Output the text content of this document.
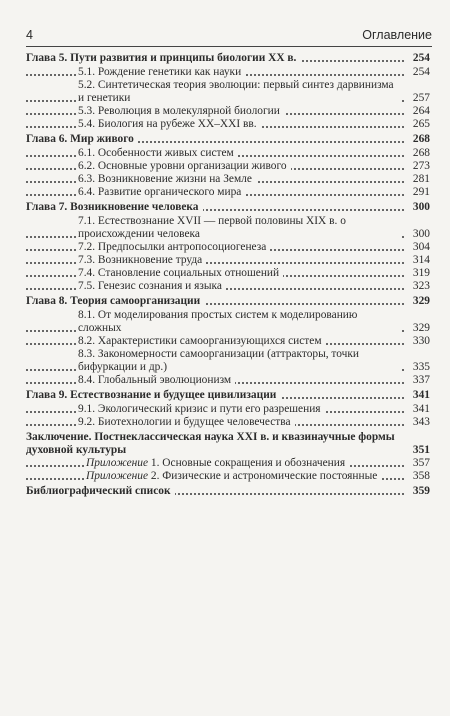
4	Оглавление
Глава 5. Пути развития и принципы биологии XX в.	254
5.1. Рождение генетики как науки	254
5.2. Синтетическая теория эволюции: первый синтез дарвинизма и генетики	257
5.3. Революция в молекулярной биологии	264
5.4. Биология на рубеже XX–XXI вв.	265
Глава 6. Мир живого	268
6.1. Особенности живых систем	268
6.2. Основные уровни организации живого	273
6.3. Возникновение жизни на Земле	281
6.4. Развитие органического мира	291
Глава 7. Возникновение человека	300
7.1. Естествознание XVII — первой половины XIX в. о происхождении человека	300
7.2. Предпосылки антропосоциогенеза	304
7.3. Возникновение труда	314
7.4. Становление социальных отношений	319
7.5. Генезис сознания и языка	323
Глава 8. Теория самоорганизации	329
8.1. От моделирования простых систем к моделированию сложных	329
8.2. Характеристики самоорганизующихся систем	330
8.3. Закономерности самоорганизации (аттракторы, точки бифуркации и др.)	335
8.4. Глобальный эволюционизм	337
Глава 9. Естествознание и будущее цивилизации	341
9.1. Экологический кризис и пути его разрешения	341
9.2. Биотехнологии и будущее человечества	343
Заключение. Постнеклассическая наука XXI в. и квазинаучные формы духовной культуры	351
Приложение 1. Основные сокращения и обозначения	357
Приложение 2. Физические и астрономические постоянные	358
Библиографический список	359
